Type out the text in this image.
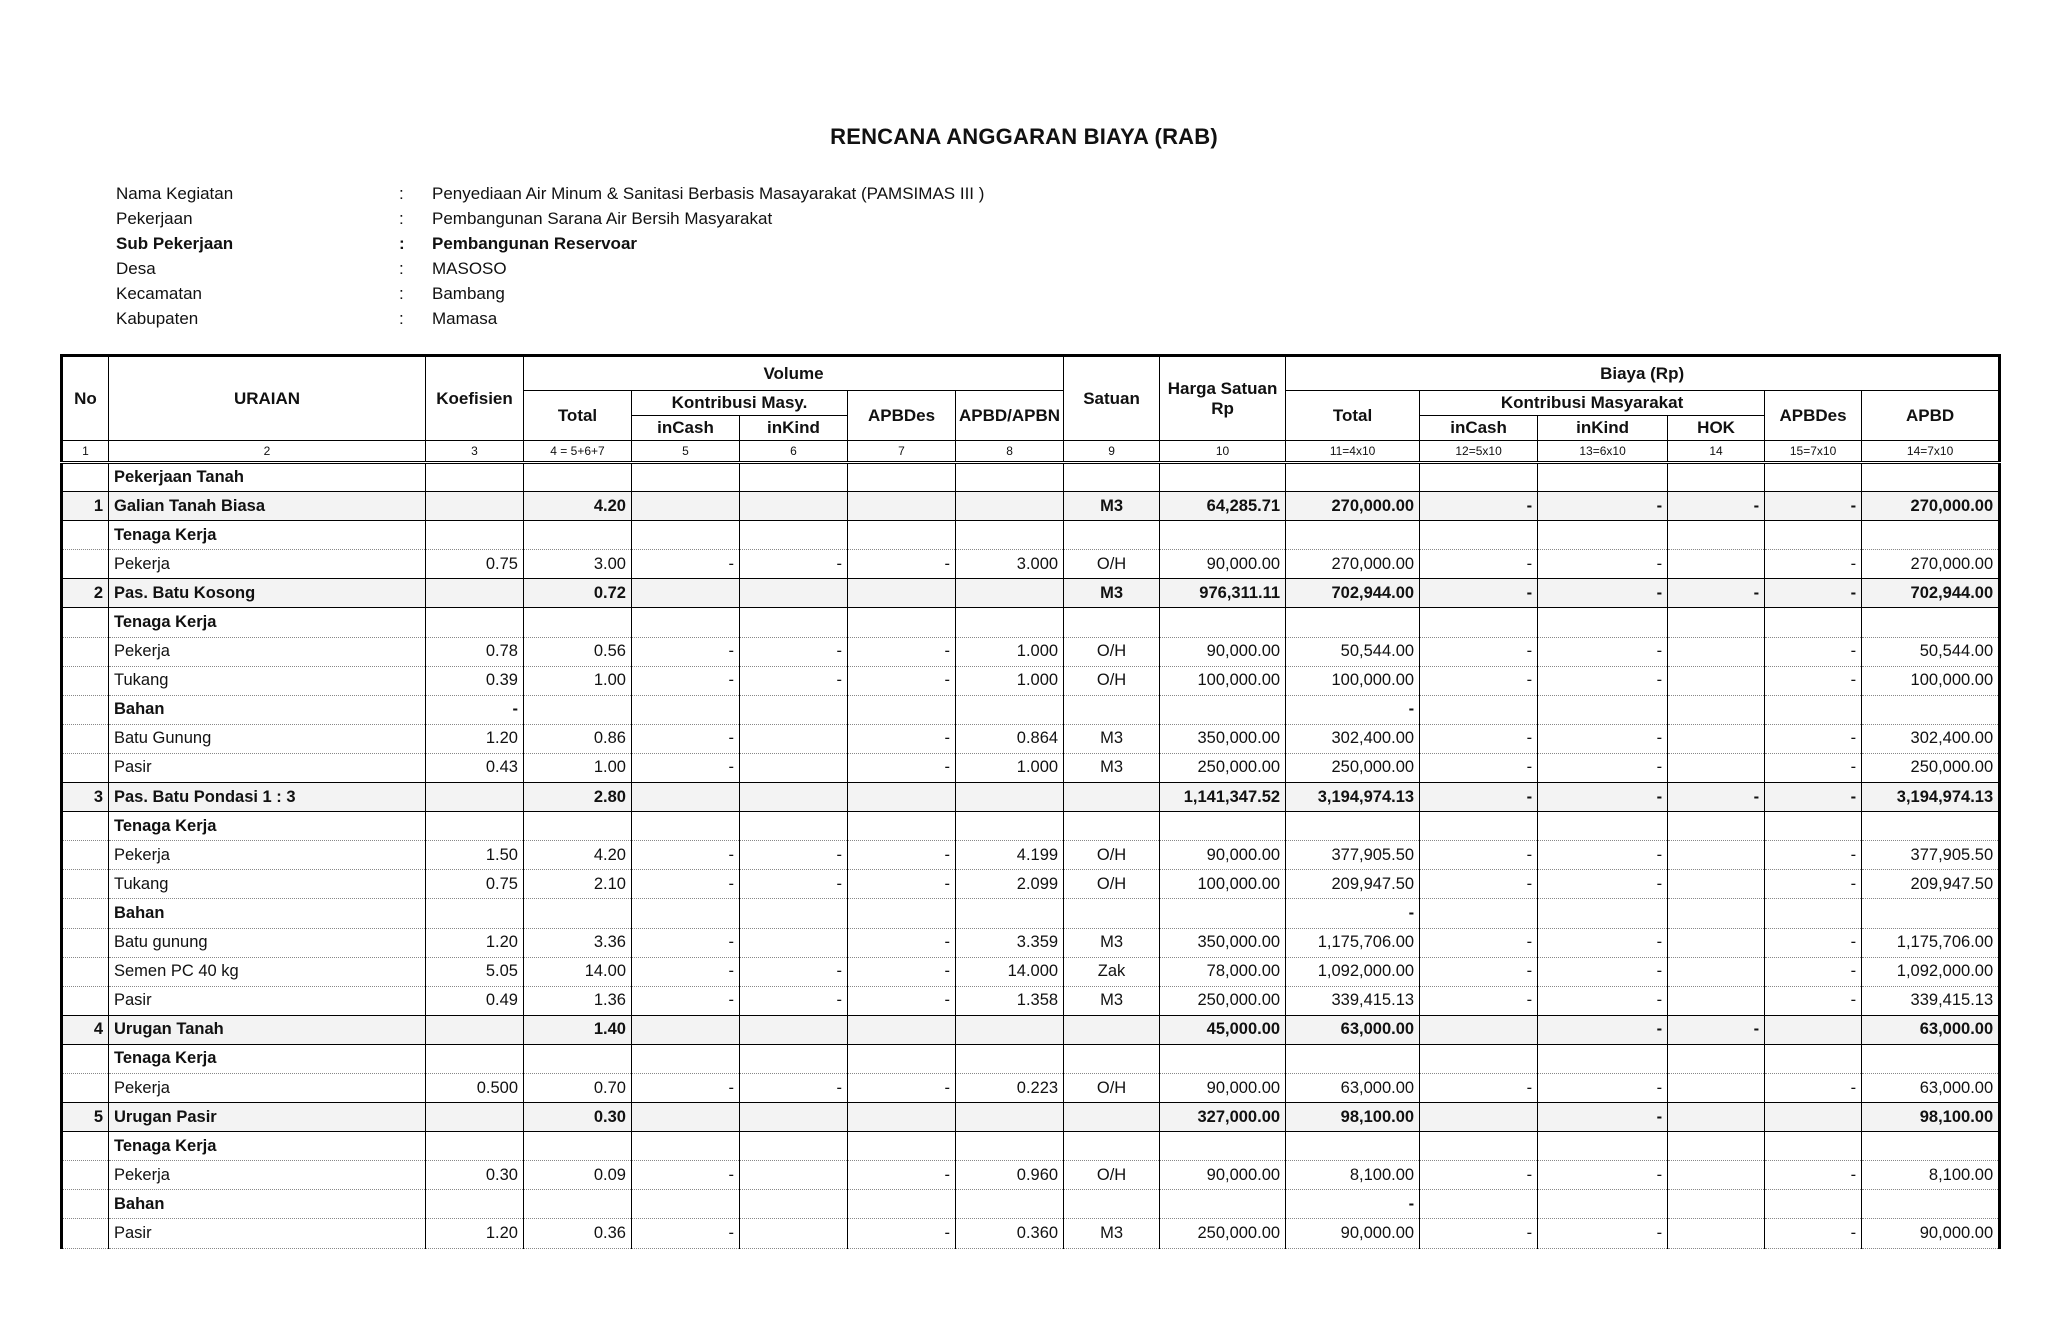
RENCANA ANGGARAN BIAYA (RAB)
Nama Kegiatan	:	Penyediaan Air Minum & Sanitasi Berbasis Masayarakat (PAMSIMAS III )
Pekerjaan	:	Pembangunan Sarana Air Bersih Masyarakat
Sub Pekerjaan	:	Pembangunan Reservoar
Desa	:	MASOSO
Kecamatan	:	Bambang
Kabupaten	:	Mamasa
No	URAIAN	Koefisien	Volume					Satuan	Harga Satuan Rp	Biaya (Rp)					
			Total	Kontribusi Masy.		APBDes	APBD/APBN			Total	Kontribusi Masyarakat			APBDes	APBD
				inCash	inKind						inCash	inKind	HOK		
1	2	3	4 = 5+6+7	5	6	7	8	9	10	11=4x10	12=5x10	13=6x10	14	15=7x10	14=7x10
	Pekerjaan Tanah														
1	Galian Tanah Biasa		4.20					M3	64,285.71	270,000.00	-	-	-	-	270,000.00
	Tenaga Kerja														
	Pekerja	0.75	3.00	-	-	-	3.000	O/H	90,000.00	270,000.00	-	-		-	270,000.00
2	Pas. Batu Kosong		0.72					M3	976,311.11	702,944.00	-	-	-	-	702,944.00
	Tenaga Kerja														
	Pekerja	0.78	0.56	-	-	-	1.000	O/H	90,000.00	50,544.00	-	-		-	50,544.00
	Tukang	0.39	1.00	-	-	-	1.000	O/H	100,000.00	100,000.00	-	-		-	100,000.00
	Bahan	-								-					
	Batu Gunung	1.20	0.86	-		-	0.864	M3	350,000.00	302,400.00	-	-		-	302,400.00
	Pasir	0.43	1.00	-		-	1.000	M3	250,000.00	250,000.00	-	-		-	250,000.00
3	Pas. Batu Pondasi 1 : 3		2.80						1,141,347.52	3,194,974.13	-	-	-	-	3,194,974.13
	Tenaga Kerja														
	Pekerja	1.50	4.20	-	-	-	4.199	O/H	90,000.00	377,905.50	-	-		-	377,905.50
	Tukang	0.75	2.10	-	-	-	2.099	O/H	100,000.00	209,947.50	-	-		-	209,947.50
	Bahan									-					
	Batu gunung	1.20	3.36	-		-	3.359	M3	350,000.00	1,175,706.00	-	-		-	1,175,706.00
	Semen PC 40 kg	5.05	14.00	-	-	-	14.000	Zak	78,000.00	1,092,000.00	-	-		-	1,092,000.00
	Pasir	0.49	1.36	-	-	-	1.358	M3	250,000.00	339,415.13	-	-		-	339,415.13
4	Urugan Tanah		1.40						45,000.00	63,000.00		-	-		63,000.00
	Tenaga Kerja														
	Pekerja	0.500	0.70	-	-	-	0.223	O/H	90,000.00	63,000.00	-	-		-	63,000.00
5	Urugan Pasir		0.30						327,000.00	98,100.00		-			98,100.00
	Tenaga Kerja														
	Pekerja	0.30	0.09	-		-	0.960	O/H	90,000.00	8,100.00	-	-		-	8,100.00
	Bahan									-					
	Pasir	1.20	0.36	-		-	0.360	M3	250,000.00	90,000.00	-	-		-	90,000.00
